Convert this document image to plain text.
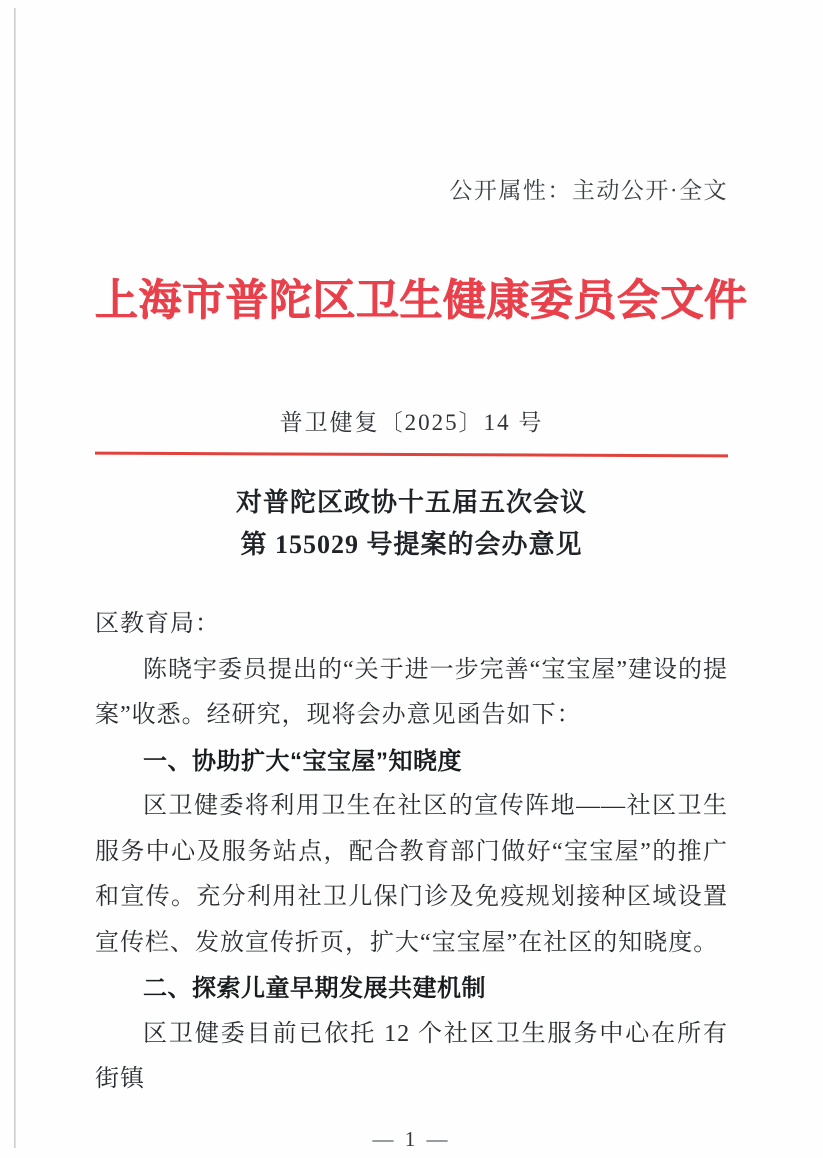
公开属性：主动公开·全文
上海市普陀区卫生健康委员会文件
普卫健复〔2025〕14 号
对普陀区政协十五届五次会议
第 155029 号提案的会办意见

区教育局：

陈晓宇委员提出的“关于进一步完善“宝宝屋”建设的提案”收悉。经研究，现将会办意见函告如下：

一、协助扩大“宝宝屋”知晓度

区卫健委将利用卫生在社区的宣传阵地——社区卫生服务中心及服务站点，配合教育部门做好“宝宝屋”的推广和宣传。充分利用社卫儿保门诊及免疫规划接种区域设置宣传栏、发放宣传折页，扩大“宝宝屋”在社区的知晓度。

二、探索儿童早期发展共建机制

区卫健委目前已依托 12 个社区卫生服务中心在所有街镇

— 1 —
